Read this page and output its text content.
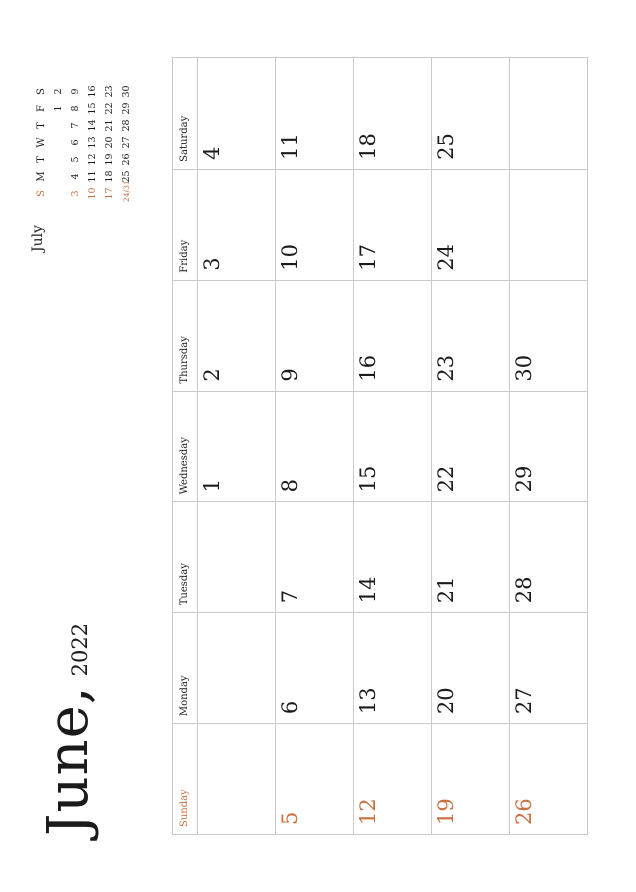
June, 2022
July
S
M
T
W
T
F
S
1
2
3
4
5
6
7
8
9
10
11
12
13
14
15
16
17
18
19
20
21
22
23
24/31
25
26
27
28
29
30
Sunday
Monday
Tuesday
Wednesday
Thursday
Friday
Saturday
1
2
3
4
5
6
7
8
9
10
11
12
13
14
15
16
17
18
19
20
21
22
23
24
25
26
27
28
29
30
